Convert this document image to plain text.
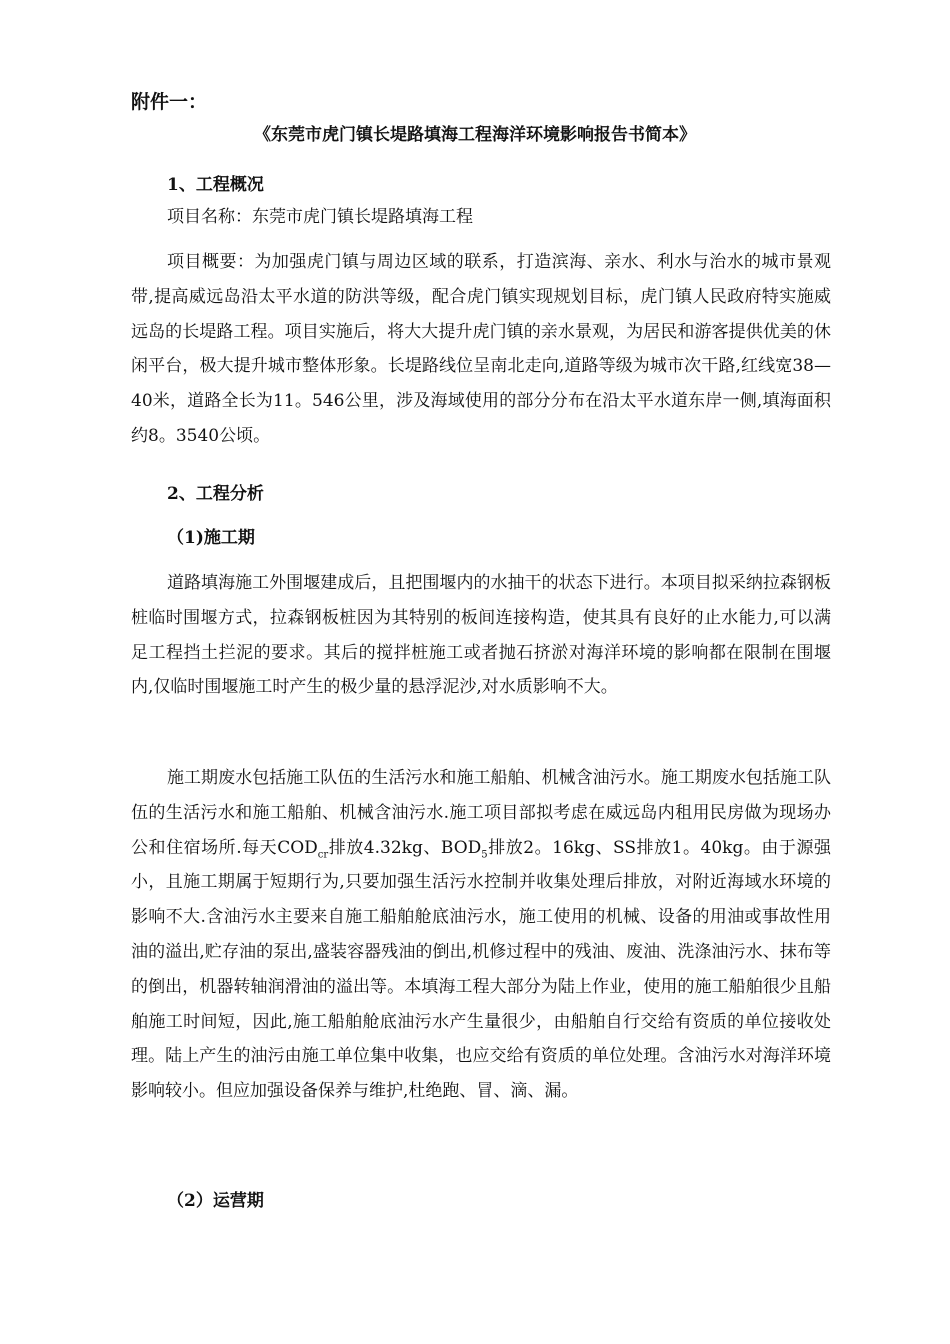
附件一：
《东莞市虎门镇长堤路填海工程海洋环境影响报告书简本》
1、工程概况
项目名称：东莞市虎门镇长堤路填海工程
项目概要：为加强虎门镇与周边区域的联系，打造滨海、亲水、利水与治水的城市景观带,提高威远岛沿太平水道的防洪等级，配合虎门镇实现规划目标，虎门镇人民政府特实施威远岛的长堤路工程。项目实施后，将大大提升虎门镇的亲水景观，为居民和游客提供优美的休闲平台，极大提升城市整体形象。长堤路线位呈南北走向,道路等级为城市次干路,红线宽38—40米，道路全长为11。546公里，涉及海域使用的部分分布在沿太平水道东岸一侧,填海面积约8。3540公顷。
2、工程分析
（1)施工期
道路填海施工外围堰建成后，且把围堰内的水抽干的状态下进行。本项目拟采纳拉森钢板桩临时围堰方式，拉森钢板桩因为其特别的板间连接构造，使其具有良好的止水能力,可以满足工程挡土拦泥的要求。其后的搅拌桩施工或者抛石挤淤对海洋环境的影响都在限制在围堰内,仅临时围堰施工时产生的极少量的悬浮泥沙,对水质影响不大。
施工期废水包括施工队伍的生活污水和施工船舶、机械含油污水。施工期废水包括施工队伍的生活污水和施工船舶、机械含油污水.施工项目部拟考虑在威远岛内租用民房做为现场办公和住宿场所.每天$COD_{cr}$排放4.32kg、$BOD_5$排放2。16kg、SS排放1。40kg。由于源强小，且施工期属于短期行为,只要加强生活污水控制并收集处理后排放，对附近海域水环境的影响不大.含油污水主要来自施工船舶舱底油污水，施工使用的机械、设备的用油或事故性用油的溢出,贮存油的泵出,盛装容器残油的倒出,机修过程中的残油、废油、洗涤油污水、抹布等的倒出，机器转轴润滑油的溢出等。本填海工程大部分为陆上作业，使用的施工船舶很少且船舶施工时间短，因此,施工船舶舱底油污水产生量很少，由船舶自行交给有资质的单位接收处理。陆上产生的油污由施工单位集中收集，也应交给有资质的单位处理。含油污水对海洋环境影响较小。但应加强设备保养与维护,杜绝跑、冒、滴、漏。
（2）运营期
